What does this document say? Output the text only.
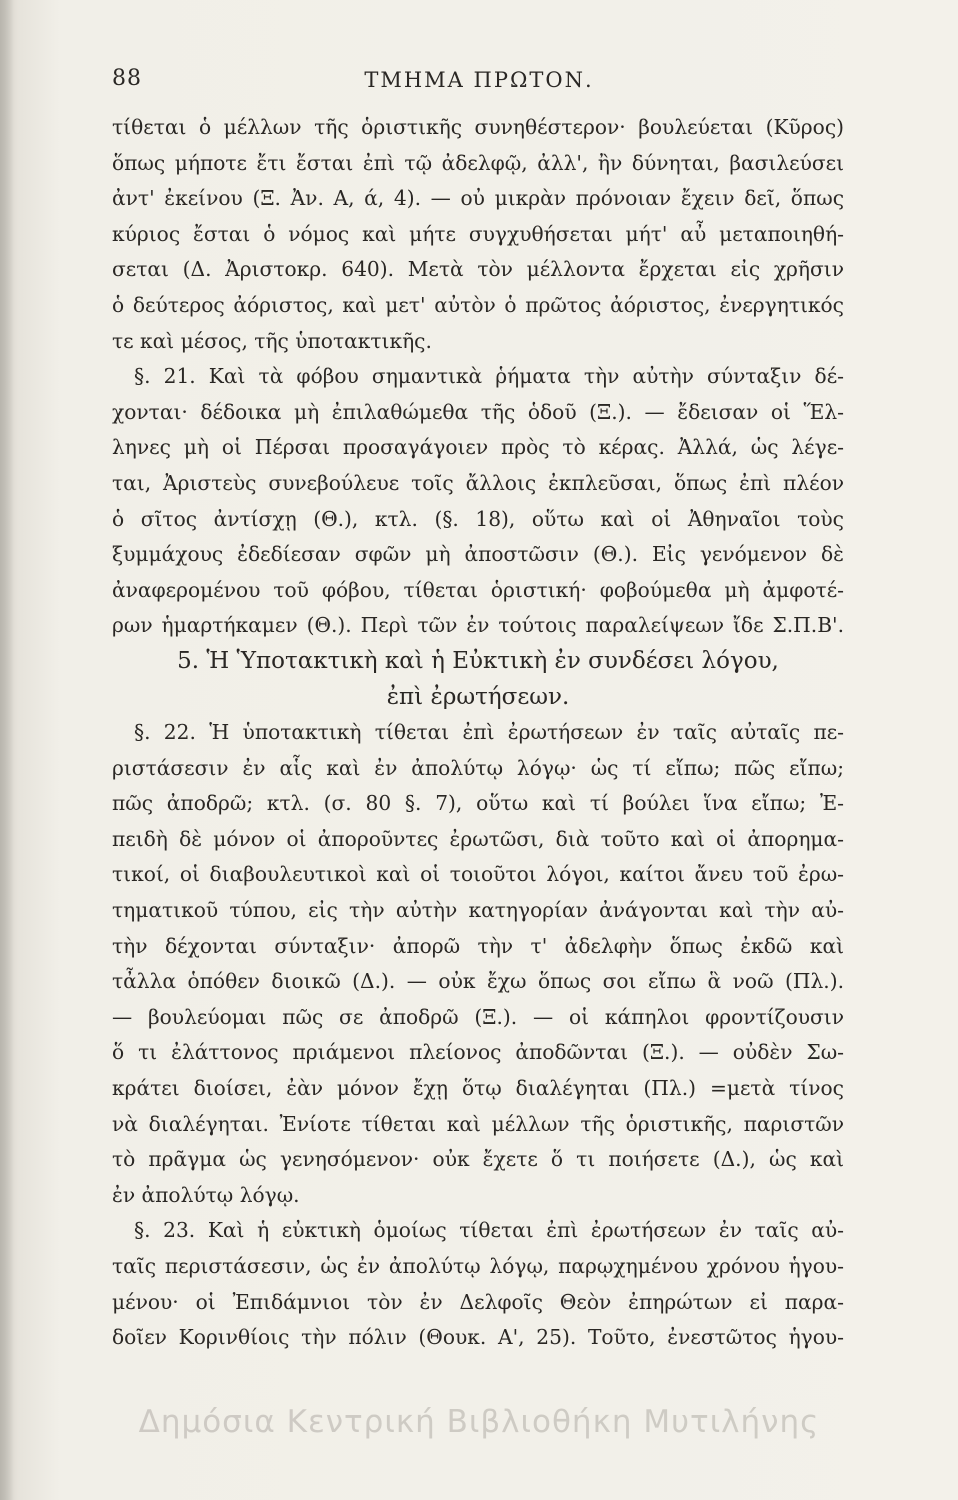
88	ΤΜΗΜΑ ΠΡΩΤΟΝ.
τίθεται ὁ μέλλων τῆς ὁριστικῆς συνηθέστερον· βουλεύεται (Κῦρος)
ὅπως μήποτε ἔτι ἔσται ἐπὶ τῷ ἀδελφῷ, ἀλλ', ἢν δύνηται, βασιλεύσει
ἀντ' ἐκείνου (Ξ. Ἀν. Α, ά, 4). — οὐ μικρὰν πρόνοιαν ἔχειν δεῖ, ὅπως
κύριος ἔσται ὁ νόμος καὶ μήτε συγχυθήσεται μήτ' αὖ μεταποιηθή-
σεται (Δ. Ἀριστοκρ. 640). Μετὰ τὸν μέλλοντα ἔρχεται εἰς χρῆσιν
ὁ δεύτερος ἀόριστος, καὶ μετ' αὐτὸν ὁ πρῶτος ἀόριστος, ἐνεργητικός
τε καὶ μέσος, τῆς ὑποτακτικῆς.
§. 21. Καὶ τὰ φόβου σημαντικὰ ῥήματα τὴν αὐτὴν σύνταξιν δέ-
χονται· δέδοικα μὴ ἐπιλαθώμεθα τῆς ὁδοῦ (Ξ.). — ἔδεισαν οἱ Ἕλ-
ληνες μὴ οἱ Πέρσαι προσαγάγοιεν πρὸς τὸ κέρας. Ἀλλά, ὡς λέγε-
ται, Ἀριστεὺς συνεβούλευε τοῖς ἄλλοις ἐκπλεῦσαι, ὅπως ἐπὶ πλέον
ὁ σῖτος ἀντίσχῃ (Θ.), κτλ. (§. 18), οὕτω καὶ οἱ Ἀθηναῖοι τοὺς
ξυμμάχους ἐδεδίεσαν σφῶν μὴ ἀποστῶσιν (Θ.). Εἰς γενόμενον δὲ
ἀναφερομένου τοῦ φόβου, τίθεται ὁριστική· φοβούμεθα μὴ ἀμφοτέ-
ρων ἡμαρτήκαμεν (Θ.). Περὶ τῶν ἐν τούτοις παραλείψεων ἴδε Σ.Π.Β'.
5. Ἡ Ὑποτακτικὴ καὶ ἡ Εὐκτικὴ ἐν συνδέσει λόγου,
ἐπὶ ἐρωτήσεων.
§. 22. Ἡ ὑποτακτικὴ τίθεται ἐπὶ ἐρωτήσεων ἐν ταῖς αὐταῖς πε-
ριστάσεσιν ἐν αἷς καὶ ἐν ἀπολύτῳ λόγῳ· ὡς τί εἴπω; πῶς εἴπω;
πῶς ἀποδρῶ; κτλ. (σ. 80 §. 7), οὕτω καὶ τί βούλει ἵνα εἴπω; Ἐ-
πειδὴ δὲ μόνον οἱ ἀποροῦντες ἐρωτῶσι, διὰ τοῦτο καὶ οἱ ἀπορημα-
τικοί, οἱ διαβουλευτικοὶ καὶ οἱ τοιοῦτοι λόγοι, καίτοι ἄνευ τοῦ ἐρω-
τηματικοῦ τύπου, εἰς τὴν αὐτὴν κατηγορίαν ἀνάγονται καὶ τὴν αὐ-
τὴν δέχονται σύνταξιν· ἀπορῶ τὴν τ' ἀδελφὴν ὅπως ἐκδῶ καὶ
τἆλλα ὁπόθεν διοικῶ (Δ.). — οὐκ ἔχω ὅπως σοι εἴπω ἃ νοῶ (Πλ.).
— βουλεύομαι πῶς σε ἀποδρῶ (Ξ.). — οἱ κάπηλοι φροντίζουσιν
ὅ τι ἐλάττονος πριάμενοι πλείονος ἀποδῶνται (Ξ.). — οὐδὲν Σω-
κράτει διοίσει, ἐὰν μόνον ἔχῃ ὅτῳ διαλέγηται (Πλ.) =μετὰ τίνος
νὰ διαλέγηται. Ἐνίοτε τίθεται καὶ μέλλων τῆς ὁριστικῆς, παριστῶν
τὸ πρᾶγμα ὡς γενησόμενον· οὐκ ἔχετε ὅ τι ποιήσετε (Δ.), ὡς καὶ
ἐν ἀπολύτῳ λόγῳ.
§. 23. Καὶ ἡ εὐκτικὴ ὁμοίως τίθεται ἐπὶ ἐρωτήσεων ἐν ταῖς αὐ-
ταῖς περιστάσεσιν, ὡς ἐν ἀπολύτῳ λόγῳ, παρῳχημένου χρόνου ἡγου-
μένου· οἱ Ἐπιδάμνιοι τὸν ἐν Δελφοῖς Θεὸν ἐπηρώτων εἰ παρα-
δοῖεν Κορινθίοις τὴν πόλιν (Θουκ. Α', 25). Τοῦτο, ἐνεστῶτος ἡγου-
Δημόσια Κεντρική Βιβλιοθήκη Μυτιλήνης
